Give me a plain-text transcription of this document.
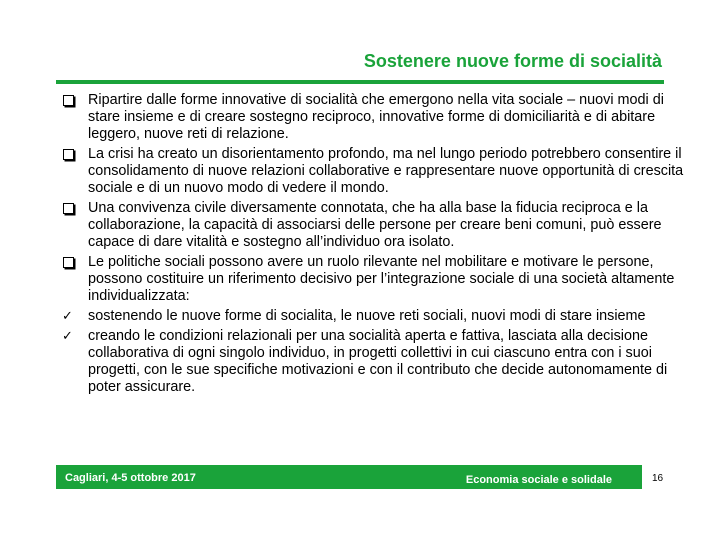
Sostenere nuove forme di socialità
Ripartire dalle forme innovative di socialità che emergono nella vita sociale – nuovi modi di stare insieme e di creare sostegno reciproco, innovative forme di domiciliarità e di abitare leggero, nuove reti di relazione.
La crisi ha creato un disorientamento profondo, ma nel lungo periodo potrebbero consentire il consolidamento di nuove relazioni collaborative e rappresentare nuove opportunità di crescita sociale e di un nuovo modo di vedere il mondo.
Una convivenza civile diversamente connotata, che ha alla base la fiducia reciproca e la collaborazione, la capacità di associarsi delle persone per creare beni comuni, può essere capace di dare vitalità e sostegno all’individuo ora isolato.
Le politiche sociali possono avere un ruolo rilevante nel mobilitare e motivare le persone, possono costituire un riferimento decisivo per l’integrazione sociale di una società altamente individualizzata:
✓	sostenendo le nuove forme di socialita, le nuove reti sociali, nuovi modi di stare insieme
✓	creando le condizioni relazionali per una socialità aperta e fattiva, lasciata alla decisione collaborativa di ogni singolo individuo, in progetti collettivi in cui ciascuno entra con i suoi progetti, con le sue specifiche motivazioni e con il contributo che decide autonomamente di poter assicurare.
Cagliari, 4-5 ottobre 2017	Economia sociale e solidale	16
